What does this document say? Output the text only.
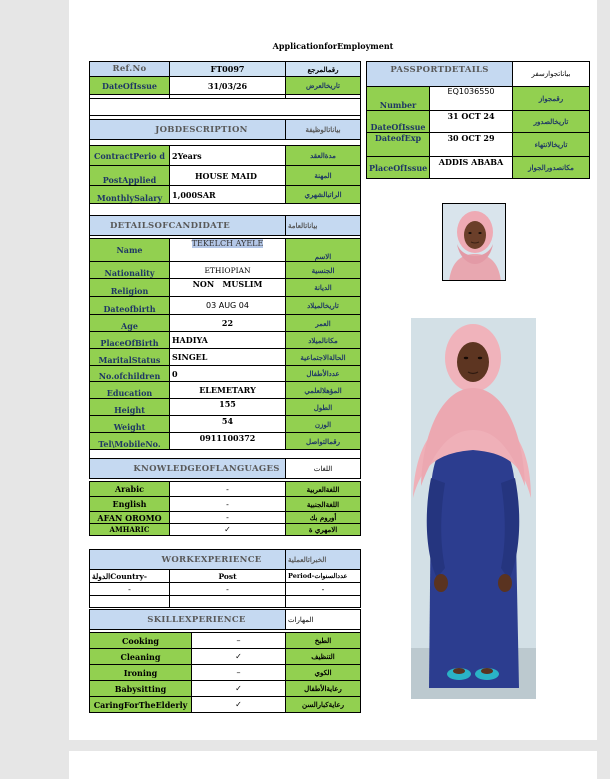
ApplicationforEmployment
Ref.No	FT0097	رقمالمرجع
DateOfIssue	31/03/26	تاريخالعرض

JOBDESCRIPTION		بياناتالوظيفة

ContractPerio d	2Years	مدةالعقد
PostApplied	HOUSE MAID	المهنة
MonthlySalary	1,000SAR	الراتبالشهري

DETAILSOFCANDIDATE		بياناتالعامة

Name	TEKELCH AYELE	الاسم
Nationality	ETHIOPIAN	الجنسية
Religion	NON   MUSLIM	الديانة
Dateofbirth	03 AUG 04	تاريخالميلاد
Age	22	العمر
PlaceOfBirth	HADIYA	مكانالميلاد
MaritalStatus	SINGEL	الحالةالاجتماعية
No.ofchildren	0	عددالأطفال
Education	ELEMETARY	المؤهلالعلمي
Height	155	الطول
Weight	54	الوزن
Tel\MobileNo.	0911100372	رقمالتواصل

KNOWLEDGEOFLANGUAGES		اللغات
Arabic	-	اللغةالعربية
English	-	اللغةالجنبية
AFAN OROMO	-	أوروم بك
AMHARIC	✓	الامهري ة
WORKEXPERIENCE		الخبراتالعملية
الدولةCountry-	Post	Period-عددالسنوات
-	-	-

SKILLEXPERIENCE		المهارات

Cooking	–	الطبخ
Cleaning	✓	التنظيف
Ironing	–	الكوي
Babysitting	✓	رعايةالأطفال
CaringForTheElderly	✓	رعايةكبارالسن
PASSPORTDETAILS		بياناتجوازسفر
Number	EQ1036550	رقمجواز
DateOfIssue	31 OCT 24	تاريخالصدور
DateofExp	30 OCT 29	تاريخالانتهاء
PlaceOfIssue	ADDIS ABABA	مكانصدورالجواز
